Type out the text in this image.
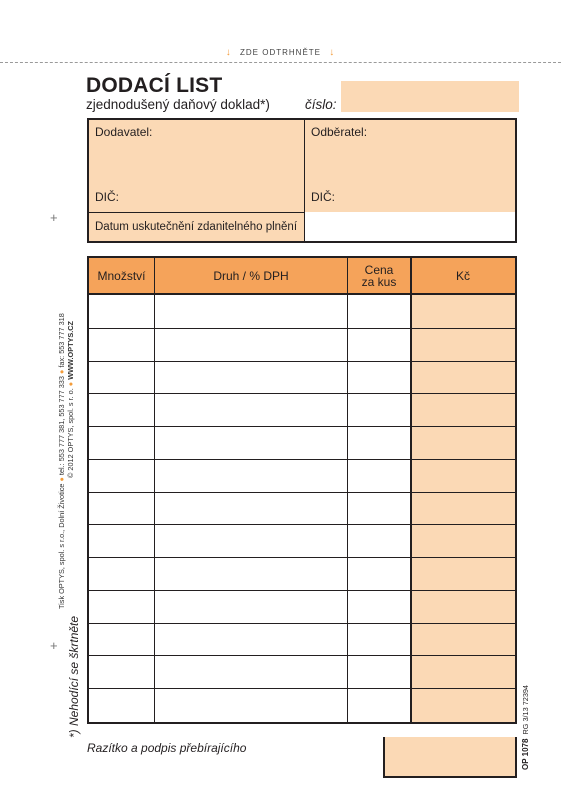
↓ ZDE ODTRHNĚTE ↓
DODACÍ LIST
zjednodušený daňový doklad*)	číslo:
Dodavatel:	Odběratel:
DIČ:	DIČ:
Datum uskutečnění zdanitelného plnění
Množství	Druh / % DPH	Cena za kus	Kč
Razítko a podpis přebírajícího
Tisk OPTYS, spol. s r.o., Dolní Životice ● tel.: 553 777 381, 553 777 333 ● fax: 553 777 318
© 2012 OPTYS, spol. s r. o. ● WWW.OPTYS.CZ
*) Nehodící se škrtněte
OP 1078  RG 3/13 72394
+
+
